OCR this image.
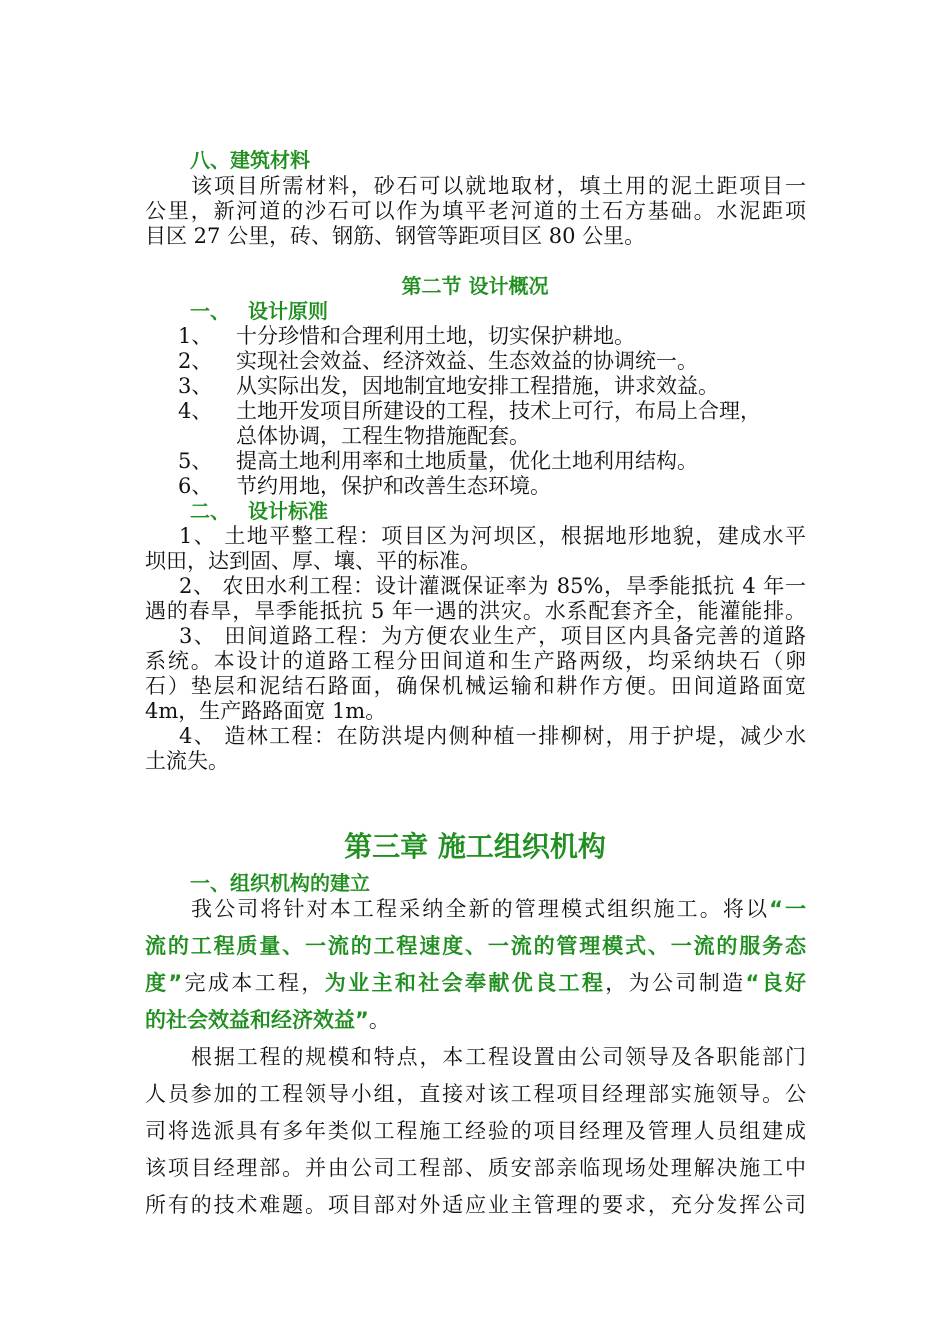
八、建筑材料
该项目所需材料，砂石可以就地取材，填土用的泥土距项目一
公里，新河道的沙石可以作为填平老河道的土石方基础。水泥距项
目区 27 公里，砖、钢筋、钢管等距项目区 80 公里。
第二节 设计概况
一、 设计原则
1、 十分珍惜和合理利用土地，切实保护耕地。
2、 实现社会效益、经济效益、生态效益的协调统一。
3、 从实际出发，因地制宜地安排工程措施，讲求效益。
4、 土地开发项目所建设的工程，技术上可行，布局上合理，
总体协调，工程生物措施配套。
5、 提高土地利用率和土地质量，优化土地利用结构。
6、 节约用地，保护和改善生态环境。
二、 设计标准
1、 土地平整工程：项目区为河坝区，根据地形地貌，建成水平
坝田，达到固、厚、壤、平的标准。
2、 农田水利工程：设计灌溉保证率为 85%，旱季能抵抗 4 年一
遇的春旱，旱季能抵抗 5 年一遇的洪灾。水系配套齐全，能灌能排。
3、 田间道路工程：为方便农业生产，项目区内具备完善的道路
系统。本设计的道路工程分田间道和生产路两级，均采纳块石（卵
石）垫层和泥结石路面，确保机械运输和耕作方便。田间道路面宽
4m，生产路路面宽 1m。
4、 造林工程：在防洪堤内侧种植一排柳树，用于护堤，减少水
土流失。
第三章 施工组织机构
一、组织机构的建立
我公司将针对本工程采纳全新的管理模式组织施工。将以“一
流的工程质量、一流的工程速度、一流的管理模式、一流的服务态
度”完成本工程，为业主和社会奉献优良工程，为公司制造“良好
的社会效益和经济效益”。
根据工程的规模和特点，本工程设置由公司领导及各职能部门
人员参加的工程领导小组，直接对该工程项目经理部实施领导。公
司将选派具有多年类似工程施工经验的项目经理及管理人员组建成
该项目经理部。并由公司工程部、质安部亲临现场处理解决施工中
所有的技术难题。项目部对外适应业主管理的要求，充分发挥公司
